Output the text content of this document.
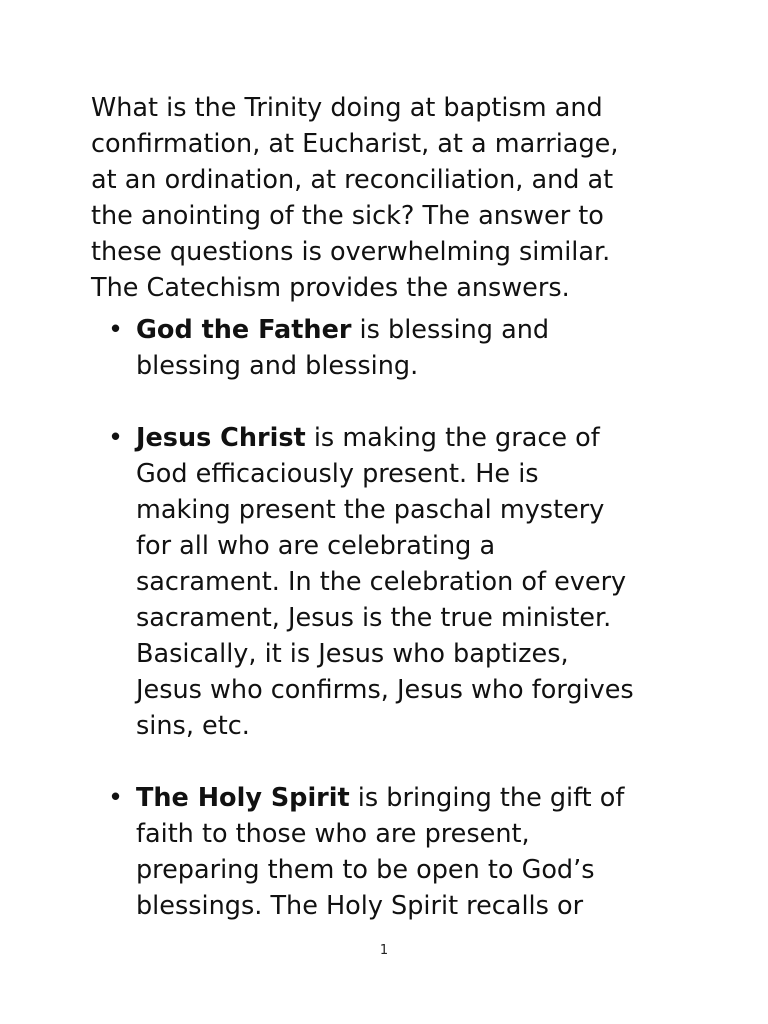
What is the Trinity doing at baptism and
confirmation, at Eucharist, at a marriage,
at an ordination, at reconciliation, and at
the anointing of the sick? The answer to
these questions is overwhelming similar.
The Catechism provides the answers.

• God the Father is blessing and
blessing and blessing.
• Jesus Christ is making the grace of
God efficaciously present. He is
making present the paschal mystery
for all who are celebrating a
sacrament. In the celebration of every
sacrament, Jesus is the true minister.
Basically, it is Jesus who baptizes,
Jesus who confirms, Jesus who forgives
sins, etc.
• The Holy Spirit is bringing the gift of
faith to those who are present,
preparing them to be open to God’s
blessings. The Holy Spirit recalls or
1
